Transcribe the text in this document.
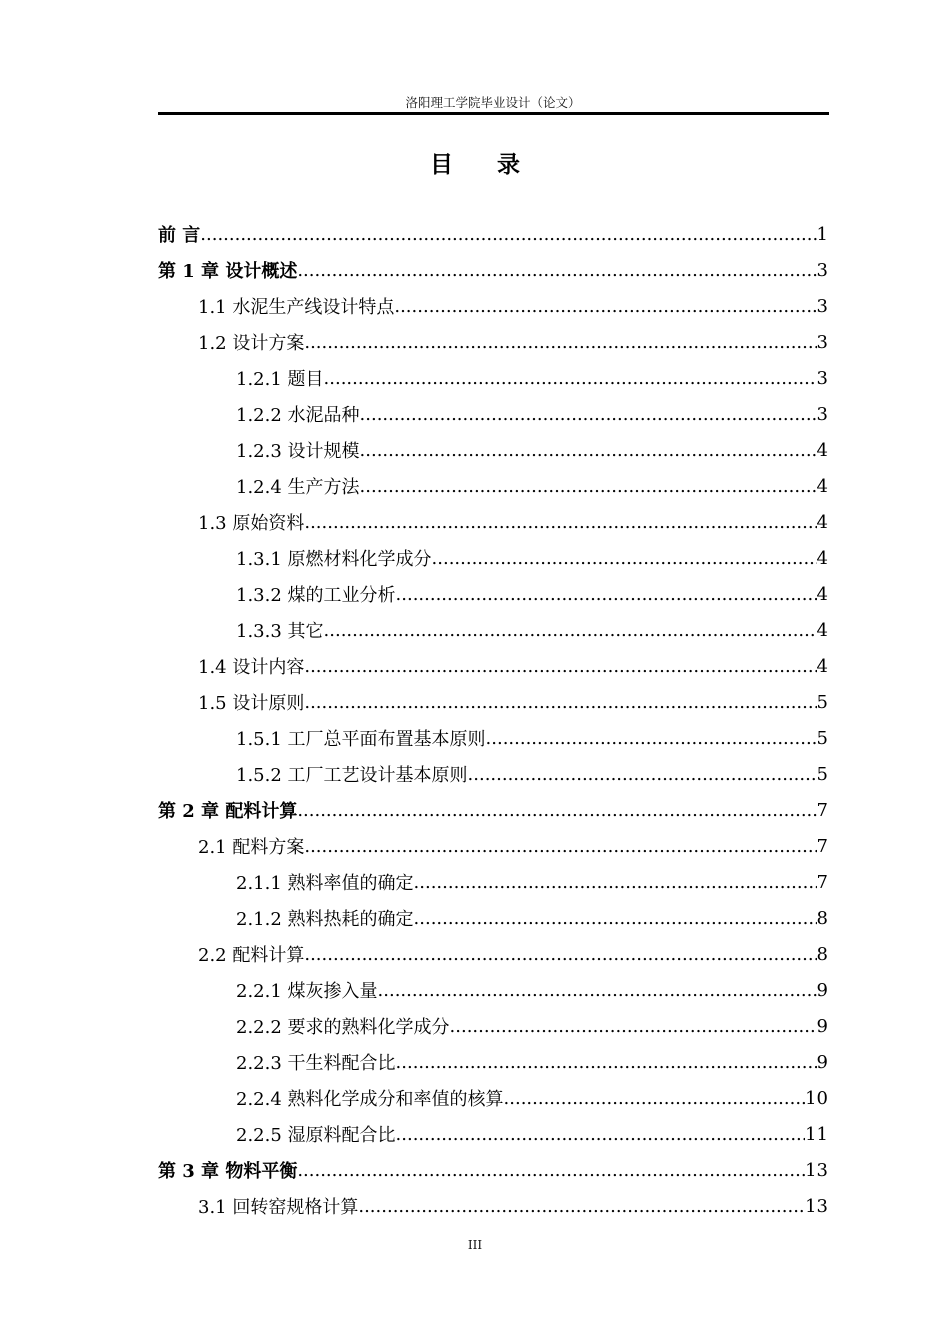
洛阳理工学院毕业设计（论文）
目 录
前 言 .....	1
第 1 章 设计概述 .....	3
1.1 水泥生产线设计特点 .....	3
1.2 设计方案 .....	3
1.2.1 题目 .....	3
1.2.2 水泥品种 .....	3
1.2.3 设计规模 .....	4
1.2.4 生产方法 .....	4
1.3 原始资料 .....	4
1.3.1 原燃材料化学成分 .....	4
1.3.2 煤的工业分析 .....	4
1.3.3 其它 .....	4
1.4 设计内容 .....	4
1.5 设计原则 .....	5
1.5.1 工厂总平面布置基本原则 .....	5
1.5.2 工厂工艺设计基本原则 .....	5
第 2 章 配料计算 .....	7
2.1 配料方案 .....	7
2.1.1 熟料率值的确定 .....	7
2.1.2 熟料热耗的确定 .....	8
2.2 配料计算 .....	8
2.2.1 煤灰掺入量 .....	9
2.2.2 要求的熟料化学成分 .....	9
2.2.3 干生料配合比 .....	9
2.2.4 熟料化学成分和率值的核算 .....	10
2.2.5 湿原料配合比 .....	11
第 3 章 物料平衡 .....	13
3.1 回转窑规格计算 .....	13
III
